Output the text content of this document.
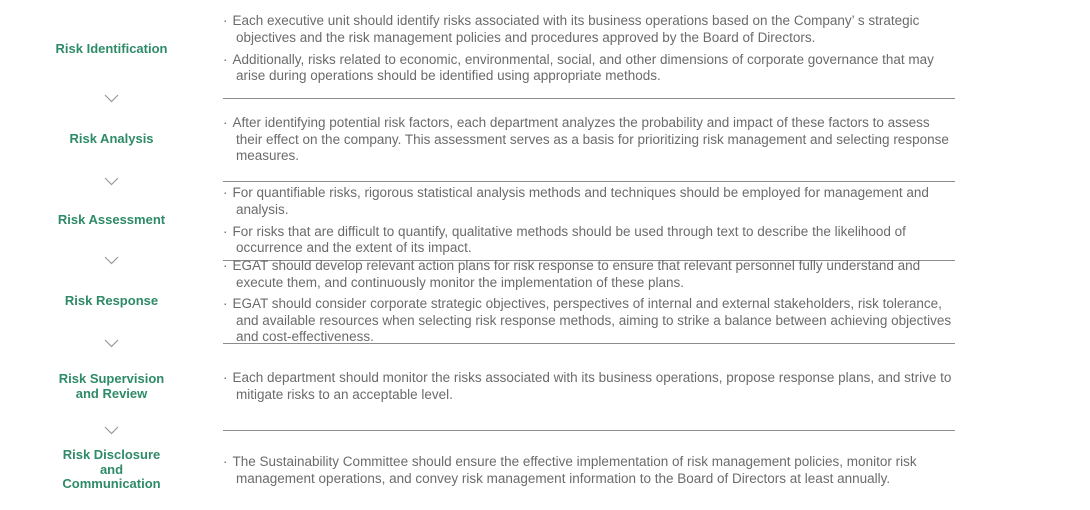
Risk Identification
· Each executive unit should identify risks associated with its business operations based on the Company’ s strategic objectives and the risk management policies and procedures approved by the Board of Directors.
· Additionally, risks related to economic, environmental, social, and other dimensions of corporate governance that may arise during operations should be identified using appropriate methods.
Risk Analysis
· After identifying potential risk factors, each department analyzes the probability and impact of these factors to assess their effect on the company. This assessment serves as a basis for prioritizing risk management and selecting response measures.
Risk Assessment
· For quantifiable risks, rigorous statistical analysis methods and techniques should be employed for management and analysis.
· For risks that are difficult to quantify, qualitative methods should be used through text to describe the likelihood of occurrence and the extent of its impact.
Risk Response
· EGAT should develop relevant action plans for risk response to ensure that relevant personnel fully understand and execute them, and continuously monitor the implementation of these plans.
· EGAT should consider corporate strategic objectives, perspectives of internal and external stakeholders, risk tolerance, and available resources when selecting risk response methods, aiming to strike a balance between achieving objectives and cost-effectiveness.
Risk Supervision and Review
· Each department should monitor the risks associated with its business operations, propose response plans, and strive to mitigate risks to an acceptable level.
Risk Disclosure and Communication
· The Sustainability Committee should ensure the effective implementation of risk management policies, monitor risk management operations, and convey risk management information to the Board of Directors at least annually.
